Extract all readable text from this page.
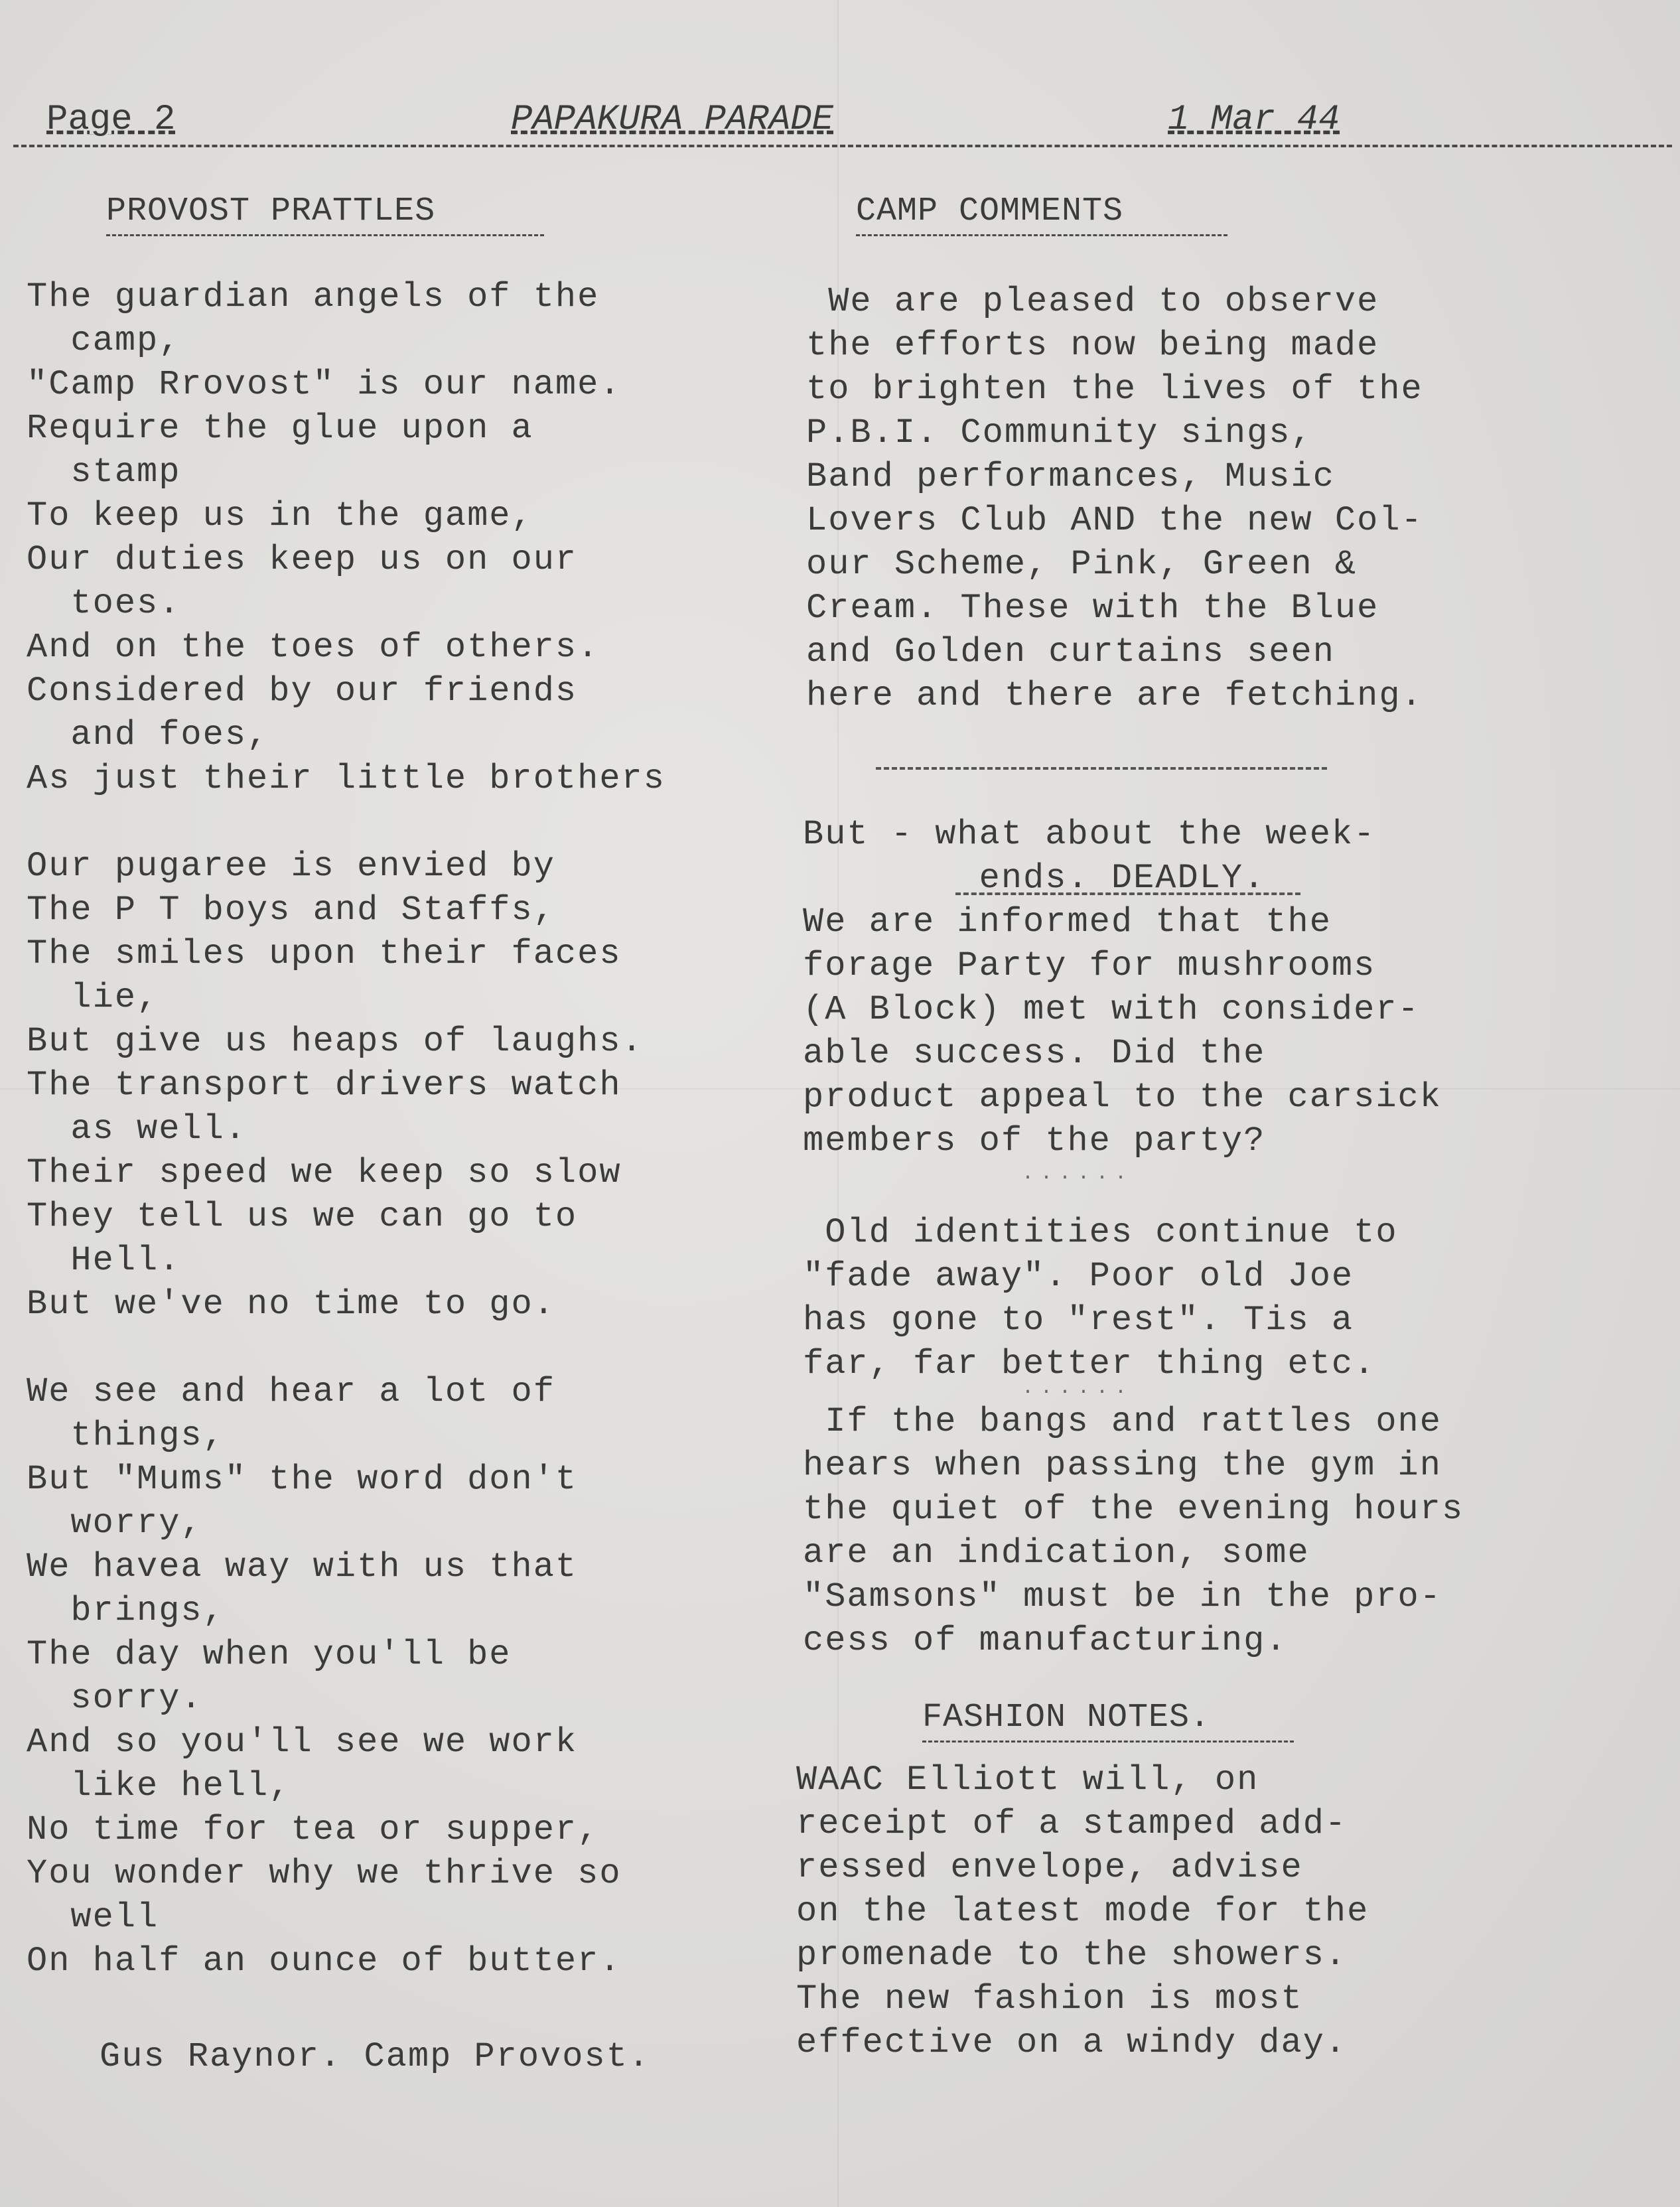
Page 2	PAPAKURA PARADE	1 Mar 44
PROVOST PRATTLES
The guardian angels of the
camp,
"Camp Rrovost" is our name.
Require the glue upon a
stamp
To keep us in the game,
Our duties keep us on our
toes.
And on the toes of others.
Considered by our friends
and foes,
As just their little brothers

Our pugaree is envied by
The P T boys and Staffs,
The smiles upon their faces
lie,
But give us heaps of laughs.
The transport drivers watch
as well.
Their speed we keep so slow
They tell us we can go to
Hell.
But we've no time to go.

We see and hear a lot of
things,
But "Mums" the word don't
worry,
We havea way with us that
brings,
The day when you'll be
sorry.
And so you'll see we work
like hell,
No time for tea or supper,
You wonder why we thrive so
well
On half an ounce of butter.
Gus Raynor. Camp Provost.
CAMP COMMENTS
We are pleased to observe
the efforts now being made
to brighten the lives of the
P.B.I. Community sings,
Band performances, Music
Lovers Club AND the new Col-
our Scheme, Pink, Green &
Cream. These with the Blue
and Golden curtains seen
here and there are fetching.
But - what about the week-
ends. DEADLY.
We are informed that the
forage Party for mushrooms
(A Block) met with consider-
able success. Did the
product appeal to the carsick
members of the party?
......
Old identities continue to
"fade away". Poor old Joe
has gone to "rest". Tis a
far, far better thing etc.
......
If the bangs and rattles one
hears when passing the gym in
the quiet of the evening hours
are an indication, some
"Samsons" must be in the pro-
cess of manufacturing.
FASHION NOTES.
WAAC Elliott will, on
receipt of a stamped add-
ressed envelope, advise
on the latest mode for the
promenade to the showers.
The new fashion is most
effective on a windy day.
